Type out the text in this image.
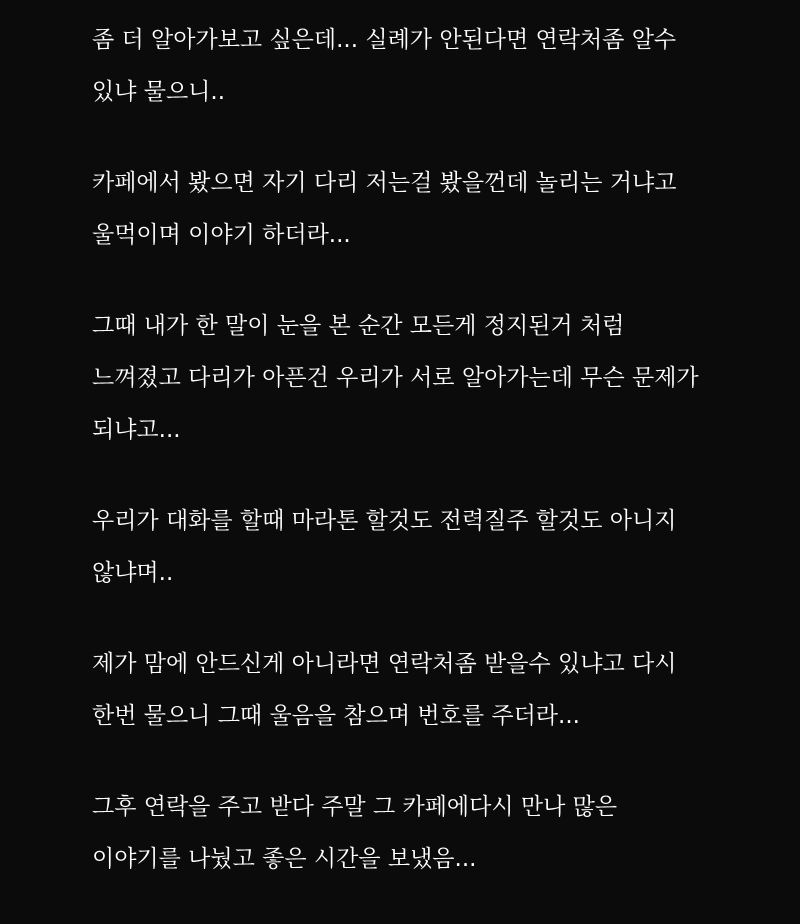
좀 더 알아가보고 싶은데... 실례가 안된다면 연락처좀 알수
있냐 물으니..
카페에서 봤으면 자기 다리 저는걸 봤을껀데 놀리는 거냐고
울먹이며 이야기 하더라...
그때 내가 한 말이 눈을 본 순간 모든게 정지된거 처럼
느껴졌고 다리가 아픈건 우리가 서로 알아가는데 무슨 문제가
되냐고...
우리가 대화를 할때 마라톤 할것도 전력질주 할것도 아니지
않냐며..
제가 맘에 안드신게 아니라면 연락처좀 받을수 있냐고 다시
한번 물으니 그때 울음을 참으며 번호를 주더라...
그후 연락을 주고 받다 주말 그 카페에다시 만나 많은
이야기를 나눴고 좋은 시간을 보냈음...
